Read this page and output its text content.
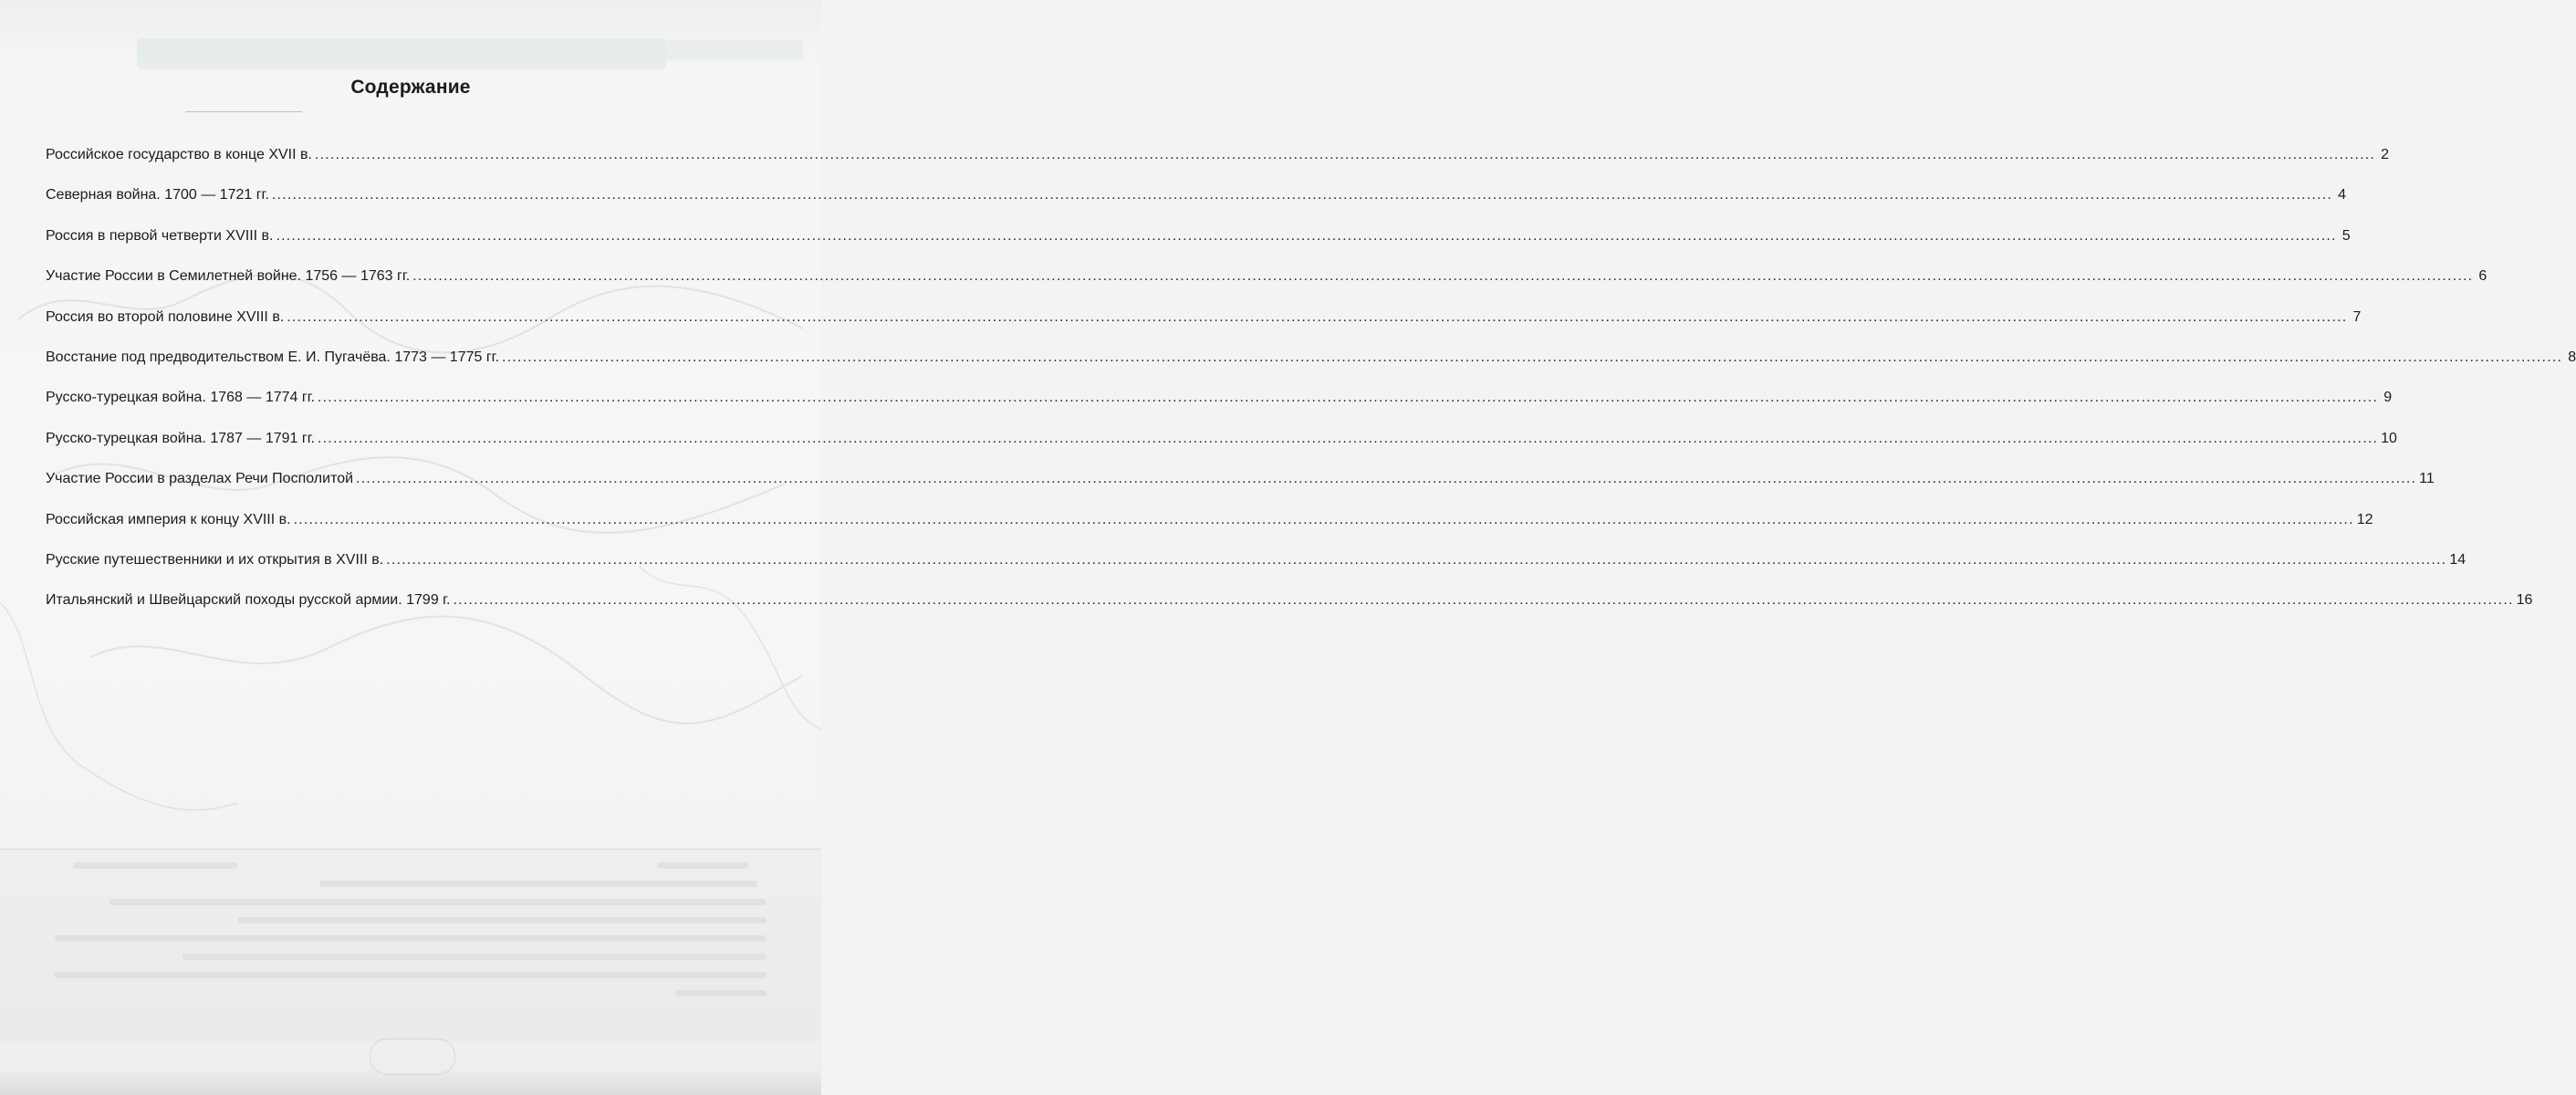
Содержание
Российское государство в конце XVII в. ................................................................................................................................................................................................................................................................................................................................................................................................................ 2
Северная война. 1700 — 1721 гг. ................................................................................................................................................................................................................................................................................................................................................................................................................ 4
Россия в первой четверти XVIII в. ................................................................................................................................................................................................................................................................................................................................................................................................................ 5
Участие России в Семилетней войне. 1756 — 1763 гг. ................................................................................................................................................................................................................................................................................................................................................................................................................ 6
Россия во второй половине XVIII в. ................................................................................................................................................................................................................................................................................................................................................................................................................ 7
Восстание под предводительством Е. И. Пугачёва. 1773 — 1775 гг. ................................................................................................................................................................................................................................................................................................................................................................................................................ 8
Русско-турецкая война. 1768 — 1774 гг. ................................................................................................................................................................................................................................................................................................................................................................................................................ 9
Русско-турецкая война. 1787 — 1791 гг. ................................................................................................................................................................................................................................................................................................................................................................................................................ 10
Участие России в разделах Речи Посполитой ................................................................................................................................................................................................................................................................................................................................................................................................................ 11
Российская империя к концу XVIII в. ................................................................................................................................................................................................................................................................................................................................................................................................................ 12
Русские путешественники и их открытия в XVIII в. ................................................................................................................................................................................................................................................................................................................................................................................................................ 14
Итальянский и Швейцарский походы русской армии. 1799 г. ................................................................................................................................................................................................................................................................................................................................................................................................................ 16
